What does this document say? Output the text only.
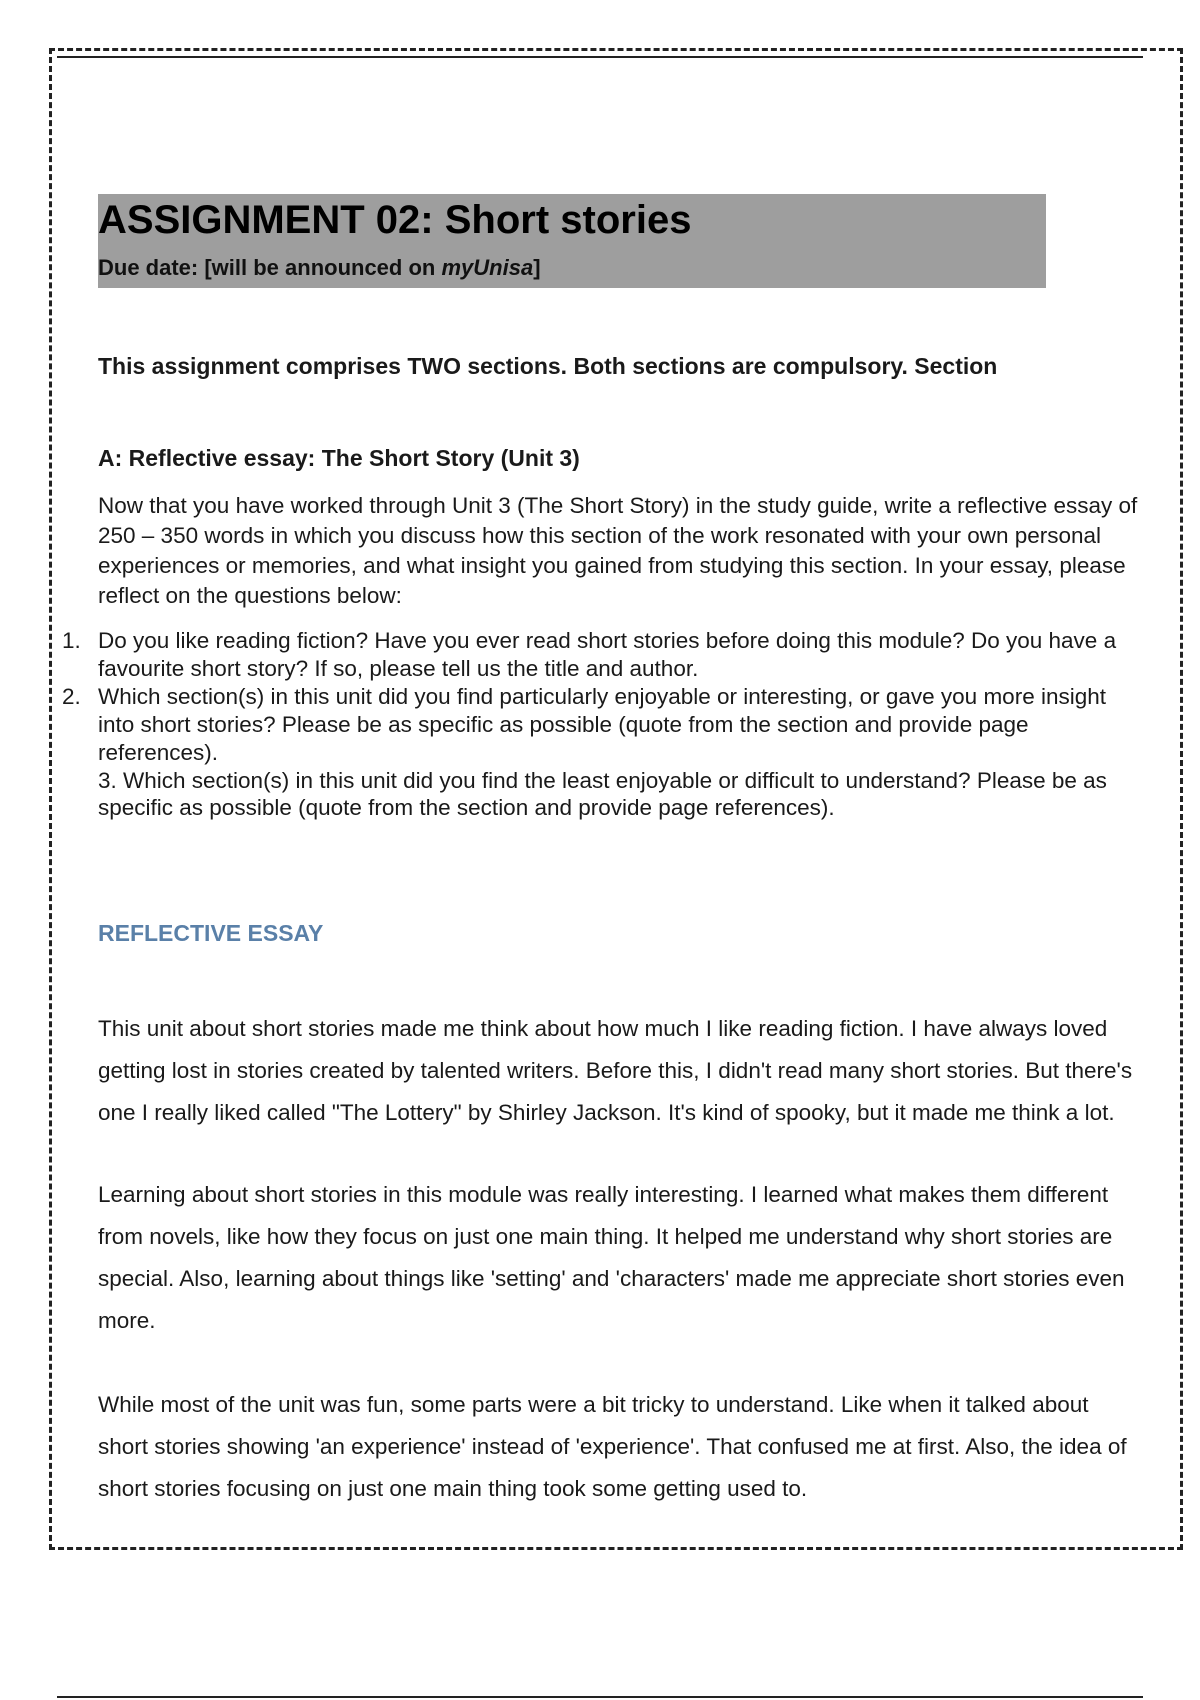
ASSIGNMENT 02: Short stories
Due date: [will be announced on myUnisa]
This assignment comprises TWO sections. Both sections are compulsory. Section
A: Reflective essay: The Short Story (Unit 3)
Now that you have worked through Unit 3 (The Short Story) in the study guide, write a reflective essay of 250 – 350 words in which you discuss how this section of the work resonated with your own personal experiences or memories, and what insight you gained from studying this section. In your essay, please reflect on the questions below:
1. Do you like reading fiction? Have you ever read short stories before doing this module? Do you have a favourite short story? If so, please tell us the title and author.
2. Which section(s) in this unit did you find particularly enjoyable or interesting, or gave you more insight into short stories? Please be as specific as possible (quote from the section and provide page references).
3. Which section(s) in this unit did you find the least enjoyable or difficult to understand? Please be as specific as possible (quote from the section and provide page references).
REFLECTIVE ESSAY

This unit about short stories made me think about how much I like reading fiction. I have always loved getting lost in stories created by talented writers. Before this, I didn't read many short stories. But there's one I really liked called "The Lottery" by Shirley Jackson. It's kind of spooky, but it made me think a lot.

Learning about short stories in this module was really interesting. I learned what makes them different from novels, like how they focus on just one main thing. It helped me understand why short stories are special. Also, learning about things like 'setting' and 'characters' made me appreciate short stories even more.

While most of the unit was fun, some parts were a bit tricky to understand. Like when it talked about short stories showing 'an experience' instead of 'experience'. That confused me at first. Also, the idea of short stories focusing on just one main thing took some getting used to.
